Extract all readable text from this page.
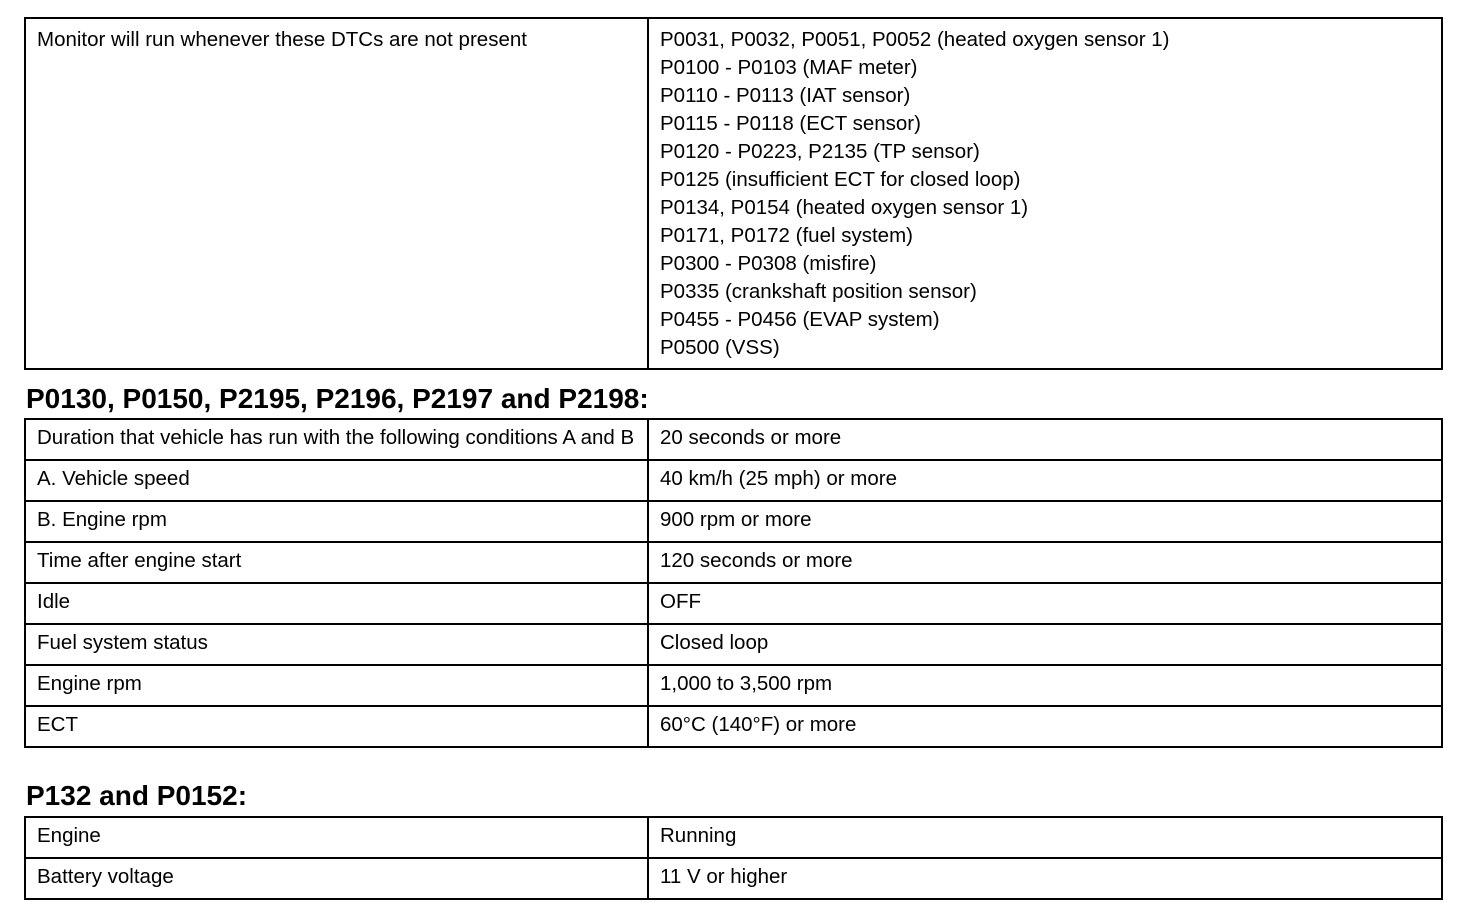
Monitor will run whenever these DTCs are not present	P0031, P0032, P0051, P0052 (heated oxygen sensor 1)
P0100 - P0103 (MAF meter)
P0110 - P0113 (IAT sensor)
P0115 - P0118 (ECT sensor)
P0120 - P0223, P2135 (TP sensor)
P0125 (insufficient ECT for closed loop)
P0134, P0154 (heated oxygen sensor 1)
P0171, P0172 (fuel system)
P0300 - P0308 (misfire)
P0335 (crankshaft position sensor)
P0455 - P0456 (EVAP system)
P0500 (VSS)
P0130, P0150, P2195, P2196, P2197 and P2198:
Duration that vehicle has run with the following conditions A and B	20 seconds or more
A. Vehicle speed	40 km/h (25 mph) or more
B. Engine rpm	900 rpm or more
Time after engine start	120 seconds or more
Idle	OFF
Fuel system status	Closed loop
Engine rpm	1,000 to 3,500 rpm
ECT	60°C (140°F) or more
P132 and P0152:
Engine	Running
Battery voltage	11 V or higher
